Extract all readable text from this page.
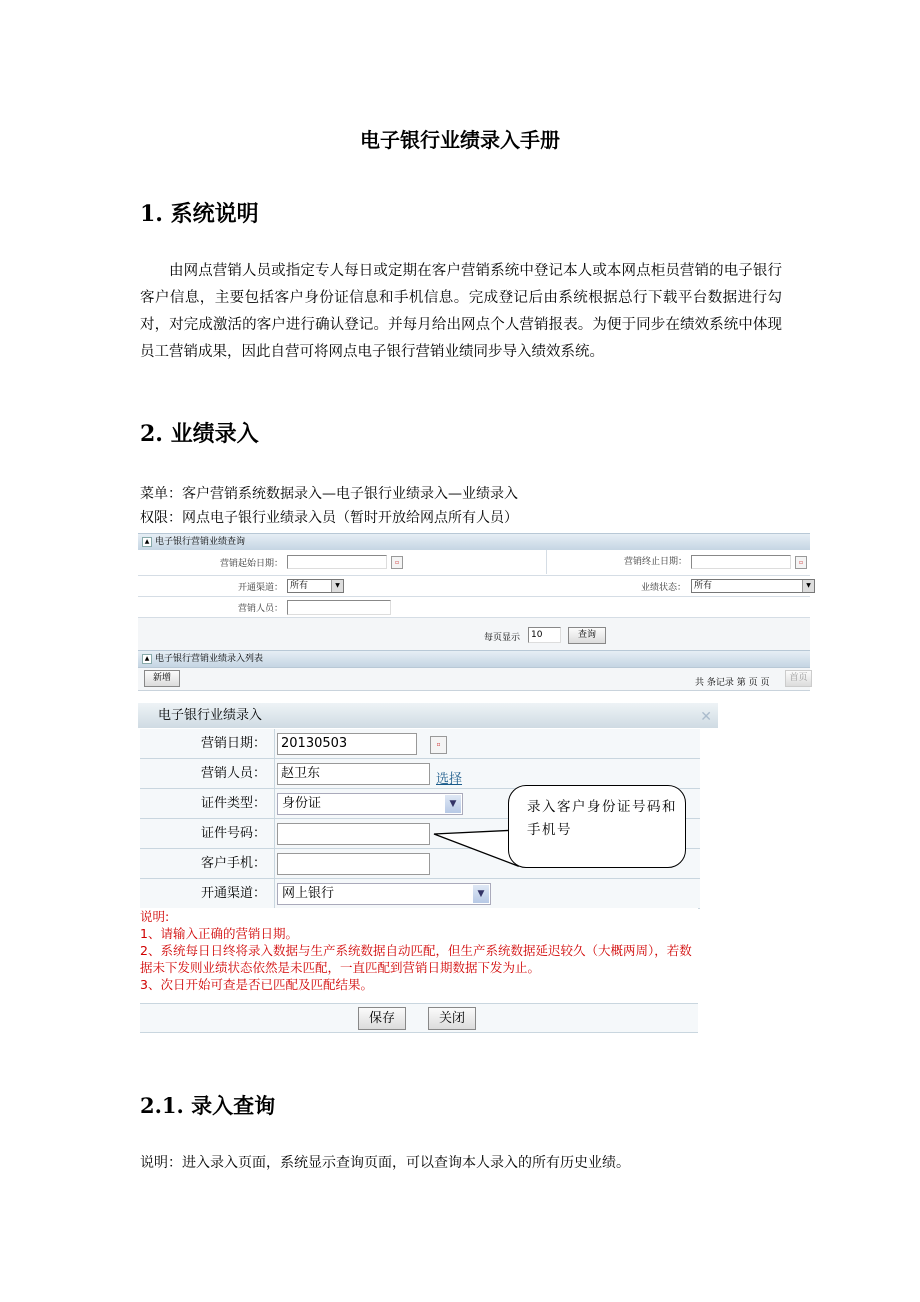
电子银行业绩录入手册
1. 系统说明
由网点营销人员或指定专人每日或定期在客户营销系统中登记本人或本网点柜员营销的电子银行客户信息，主要包括客户身份证信息和手机信息。完成登记后由系统根据总行下载平台数据进行勾对，对完成激活的客户进行确认登记。并每月给出网点个人营销报表。为便于同步在绩效系统中体现员工营销成果，因此自营可将网点电子银行营销业绩同步导入绩效系统。
2. 业绩录入
菜单：客户营销系统数据录入—电子银行业绩录入—业绩录入
权限：网点电子银行业绩录入员（暂时开放给网点所有人员）
▲ 电子银行营销业绩查询
营销起始日期：	▫	营销终止日期：	▫
开通渠道： 所有	▼	业绩状态： 所有	▼
营销人员：
每页显示	10	查询
▲ 电子银行营销业绩录入列表
新增	共 条记录 第 页 页	首页
电子银行业绩录入	✕
营销日期：	20130503	▫
营销人员：	赵卫东	选择
证件类型：	身份证	▼
证件号码：
客户手机：
开通渠道：	网上银行	▼
说明:
1、请输入正确的营销日期。
2、系统每日日终将录入数据与生产系统数据自动匹配，但生产系统数据延迟较久（大概两周），若数据未下发则业绩状态依然是未匹配，一直匹配到营销日期数据下发为止。
3、次日开始可查是否已匹配及匹配结果。
保存	关闭
录入客户身份证号码和手机号
2.1. 录入查询
说明：进入录入页面，系统显示查询页面，可以查询本人录入的所有历史业绩。
